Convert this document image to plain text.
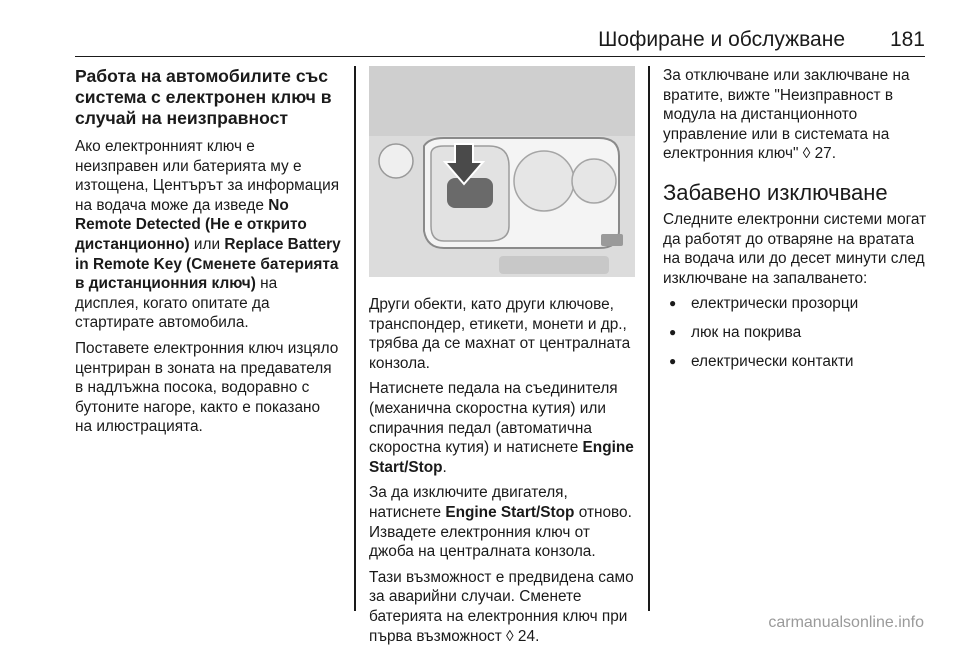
Шофиране и обслужване 181
Работа на автомобилите със система с електронен ключ в случай на неизправност

Ако електронният ключ е неизправен или батерията му е изтощена, Центърът за информация на водача може да изведе No Remote Detected (Не е открито дистанционно) или Replace Battery in Remote Key (Сменете батерията в дистанционния ключ) на дисплея, когато опитате да стартирате автомобила.

Поставете електронния ключ изцяло центриран в зоната на предавателя в надлъжна посока, водоравно с бутоните нагоре, както е показано на илюстрацията.

Други обекти, като други ключове, транспондер, етикети, монети и др., трябва да се махнат от централната конзола.

Натиснете педала на съединителя (механична скоростна кутия) или спирачния педал (автоматична скоростна кутия) и натиснете Engine Start/Stop.

За да изключите двигателя, натиснете Engine Start/Stop отново. Извадете електронния ключ от джоба на централната конзола.

Тази възможност е предвидена само за аварийни случаи. Сменете батерията на електронния ключ при първа възможност ◊ 24.

За отключване или заключване на вратите, вижте "Неизправност в модула на дистанционното управление или в системата на електронния ключ" ◊ 27.

Забавено изключване

Следните електронни системи могат да работят до отваряне на вратата на водача или до десет минути след изключване на запалването:

● електрически прозорци
● люк на покрива
● електрически контакти
carmanualsonline.info
